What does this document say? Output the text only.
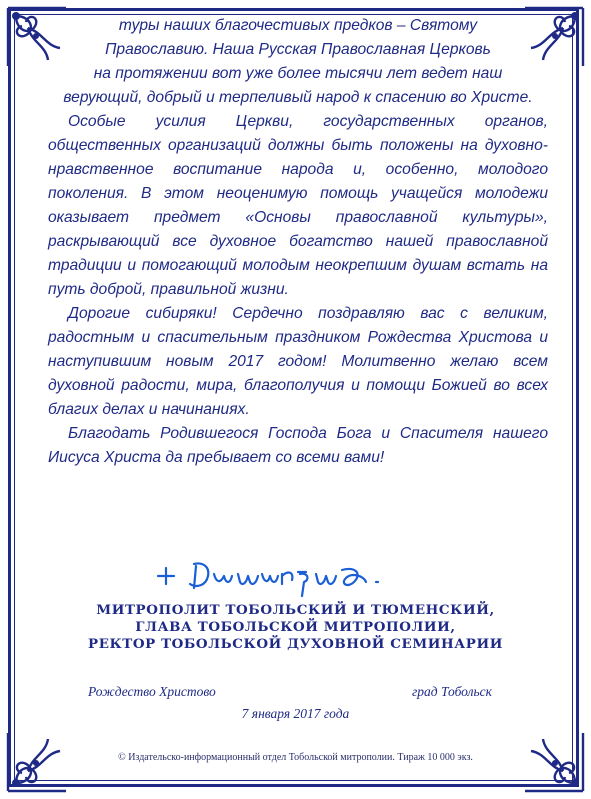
туры наших благочестивых предков – Святому
Православию. Наша Русская Православная Церковь
на протяжении вот уже более тысячи лет ведет наш
верующий, добрый и терпеливый народ к спасению во Христе.

Особые усилия Церкви, государственных органов, общественных организаций должны быть положены на духовно-нравственное воспитание народа и, особенно, молодого поколения. В этом неоценимую помощь учащейся молодежи оказывает предмет «Основы православной культуры», раскрывающий все духовное богатство нашей православной традиции и помогающий молодым неокрепшим душам встать на путь доброй, правильной жизни.

Дорогие сибиряки! Сердечно поздравляю вас с великим, радостным и спасительным праздником Рождества Христова и наступившим новым 2017 годом! Молитвенно желаю всем духовной радости, мира, благополучия и помощи Божией во всех благих делах и начинаниях.

Благодать Родившегося Господа Бога и Спасителя нашего Иисуса Христа да пребывает со всеми вами!

МИТРОПОЛИТ ТОБОЛЬСКИЙ И ТЮМЕНСКИЙ,
ГЛАВА ТОБОЛЬСКОЙ МИТРОПОЛИИ,
РЕКТОР ТОБОЛЬСКОЙ ДУХОВНОЙ СЕМИНАРИИ
Рождество Христово	град Тобольск
7 января 2017 года
© Издательско-информационный отдел Тобольской митрополии. Тираж 10 000 экз.
